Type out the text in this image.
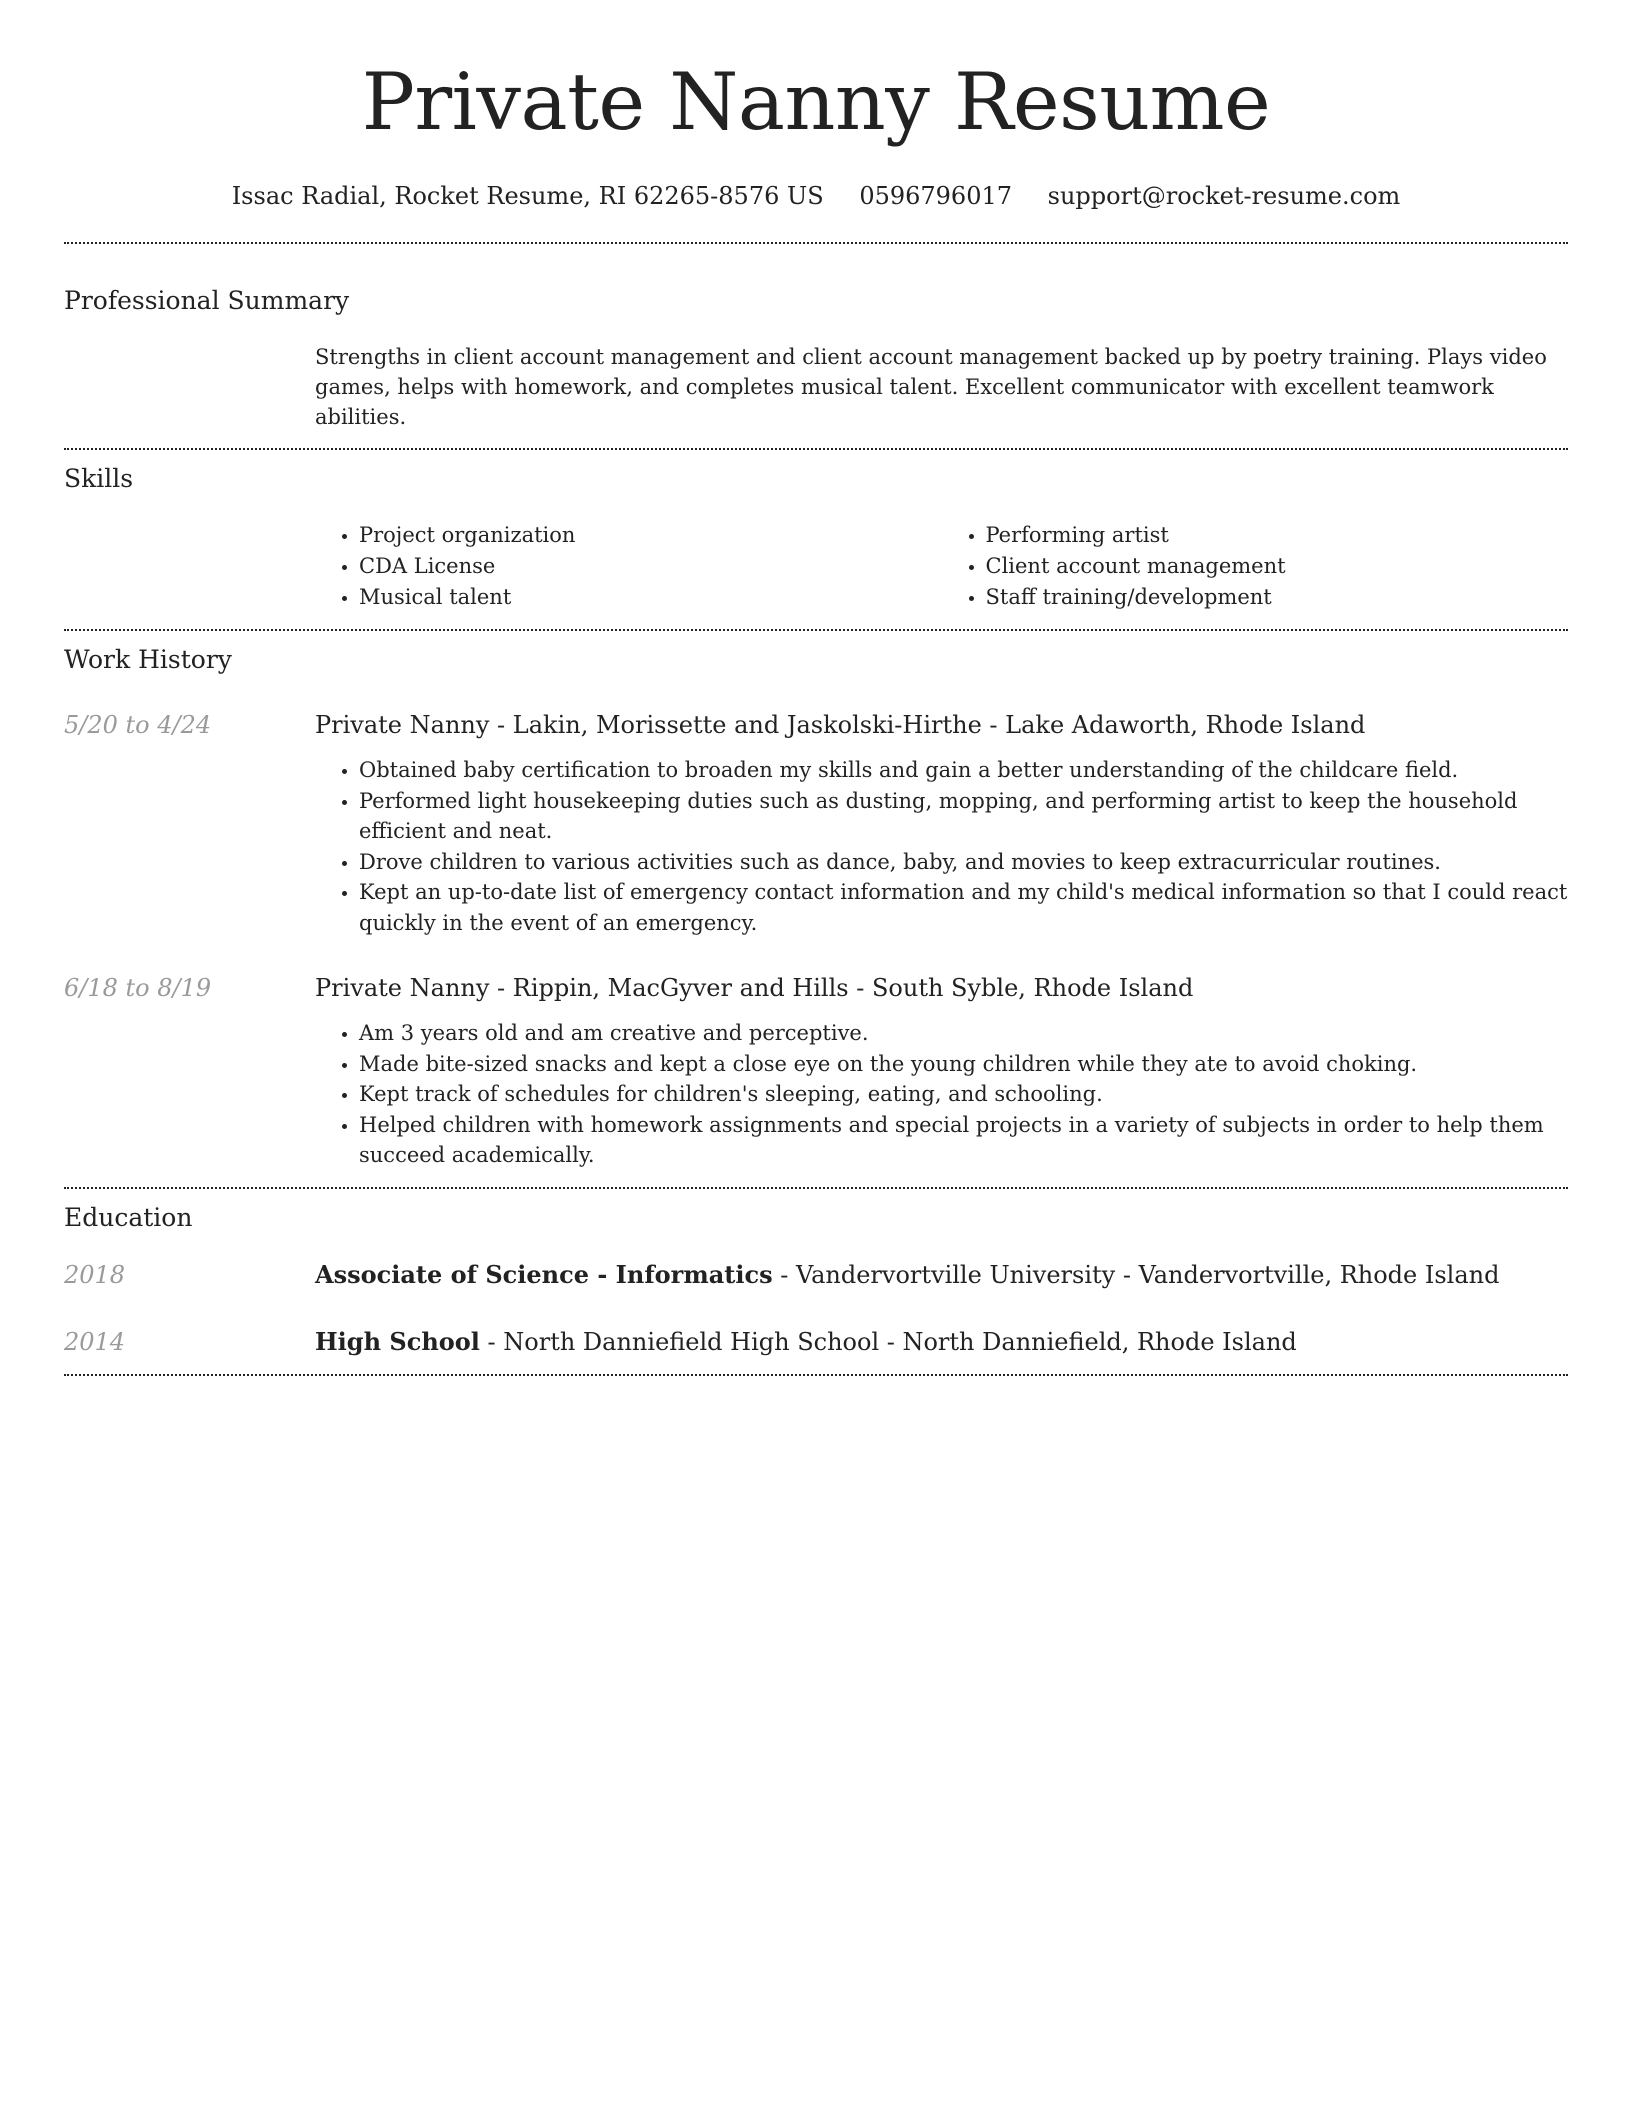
Private Nanny Resume
Issac Radial, Rocket Resume, RI 62265-8576 US 0596796017 support@rocket-resume.com
Professional Summary
Strengths in client account management and client account management backed up by poetry training. Plays video games, helps with homework, and completes musical talent. Excellent communicator with excellent teamwork abilities.
Skills
• Project organization
• CDA License
• Musical talent
• Performing artist
• Client account management
• Staff training/development
Work History
5/20 to 4/24	Private Nanny - Lakin, Morissette and Jaskolski-Hirthe - Lake Adaworth, Rhode Island
• Obtained baby certification to broaden my skills and gain a better understanding of the childcare field.
• Performed light housekeeping duties such as dusting, mopping, and performing artist to keep the household efficient and neat.
• Drove children to various activities such as dance, baby, and movies to keep extracurricular routines.
• Kept an up-to-date list of emergency contact information and my child's medical information so that I could react quickly in the event of an emergency.
6/18 to 8/19	Private Nanny - Rippin, MacGyver and Hills - South Syble, Rhode Island
• Am 3 years old and am creative and perceptive.
• Made bite-sized snacks and kept a close eye on the young children while they ate to avoid choking.
• Kept track of schedules for children's sleeping, eating, and schooling.
• Helped children with homework assignments and special projects in a variety of subjects in order to help them succeed academically.
Education
2018	Associate of Science - Informatics - Vandervortville University - Vandervortville, Rhode Island
2014	High School - North Danniefield High School - North Danniefield, Rhode Island
